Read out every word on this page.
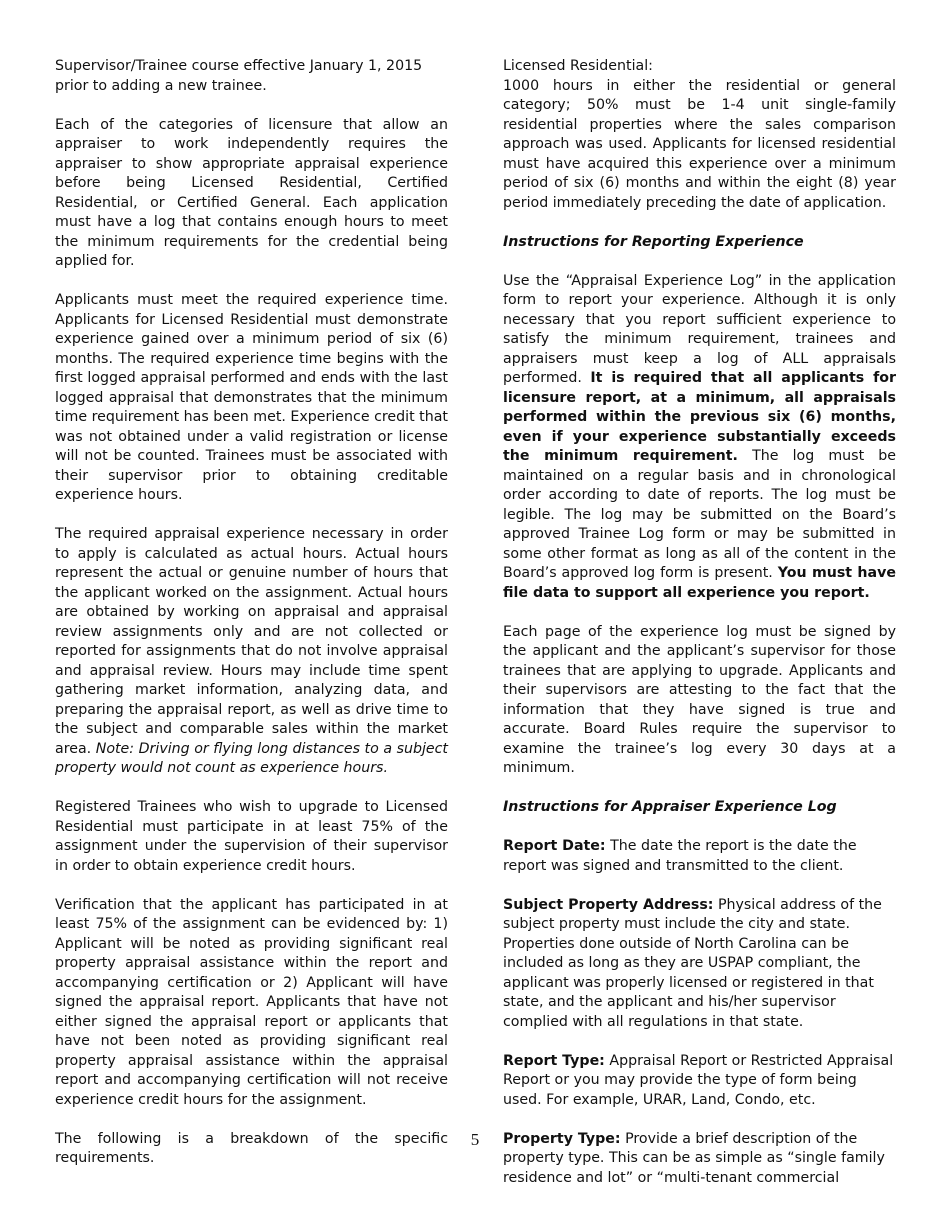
Supervisor/Trainee course effective January 1, 2015 prior to adding a new trainee.
Each of the categories of licensure that allow an appraiser to work independently requires the appraiser to show appropriate appraisal experience before being Licensed Residential, Certified Residential, or Certified General. Each application must have a log that contains enough hours to meet the minimum requirements for the credential being applied for.
Applicants must meet the required experience time. Applicants for Licensed Residential must demonstrate experience gained over a minimum period of six (6) months. The required experience time begins with the first logged appraisal performed and ends with the last logged appraisal that demonstrates that the minimum time requirement has been met. Experience credit that was not obtained under a valid registration or license will not be counted. Trainees must be associated with their supervisor prior to obtaining creditable experience hours.
The required appraisal experience necessary in order to apply is calculated as actual hours. Actual hours represent the actual or genuine number of hours that the applicant worked on the assignment. Actual hours are obtained by working on appraisal and appraisal review assignments only and are not collected or reported for assignments that do not involve appraisal and appraisal review. Hours may include time spent gathering market information, analyzing data, and preparing the appraisal report, as well as drive time to the subject and comparable sales within the market area. Note: Driving or flying long distances to a subject property would not count as experience hours.
Registered Trainees who wish to upgrade to Licensed Residential must participate in at least 75% of the assignment under the supervision of their supervisor in order to obtain experience credit hours.
Verification that the applicant has participated in at least 75% of the assignment can be evidenced by: 1) Applicant will be noted as providing significant real property appraisal assistance within the report and accompanying certification or 2) Applicant will have signed the appraisal report. Applicants that have not either signed the appraisal report or applicants that have not been noted as providing significant real property appraisal assistance within the appraisal report and accompanying certification will not receive experience credit hours for the assignment.
The following is a breakdown of the specific requirements.
Licensed Residential:
1000 hours in either the residential or general category; 50% must be 1-4 unit single-family residential properties where the sales comparison approach was used. Applicants for licensed residential must have acquired this experience over a minimum period of six (6) months and within the eight (8) year period immediately preceding the date of application.
Instructions for Reporting Experience
Use the “Appraisal Experience Log” in the application form to report your experience. Although it is only necessary that you report sufficient experience to satisfy the minimum requirement, trainees and appraisers must keep a log of ALL appraisals performed. It is required that all applicants for licensure report, at a minimum, all appraisals performed within the previous six (6) months, even if your experience substantially exceeds the minimum requirement. The log must be maintained on a regular basis and in chronological order according to date of reports. The log must be legible. The log may be submitted on the Board’s approved Trainee Log form or may be submitted in some other format as long as all of the content in the Board’s approved log form is present. You must have file data to support all experience you report.
Each page of the experience log must be signed by the applicant and the applicant’s supervisor for those trainees that are applying to upgrade. Applicants and their supervisors are attesting to the fact that the information that they have signed is true and accurate. Board Rules require the supervisor to examine the trainee’s log every 30 days at a minimum.
Instructions for Appraiser Experience Log
Report Date: The date the report is the date the report was signed and transmitted to the client.
Subject Property Address: Physical address of the subject property must include the city and state. Properties done outside of North Carolina can be included as long as they are USPAP compliant, the applicant was properly licensed or registered in that state, and the applicant and his/her supervisor complied with all regulations in that state.
Report Type: Appraisal Report or Restricted Appraisal Report or you may provide the type of form being used. For example, URAR, Land, Condo, etc.
Property Type: Provide a brief description of the property type. This can be as simple as “single family residence and lot” or “multi-tenant commercial
5
